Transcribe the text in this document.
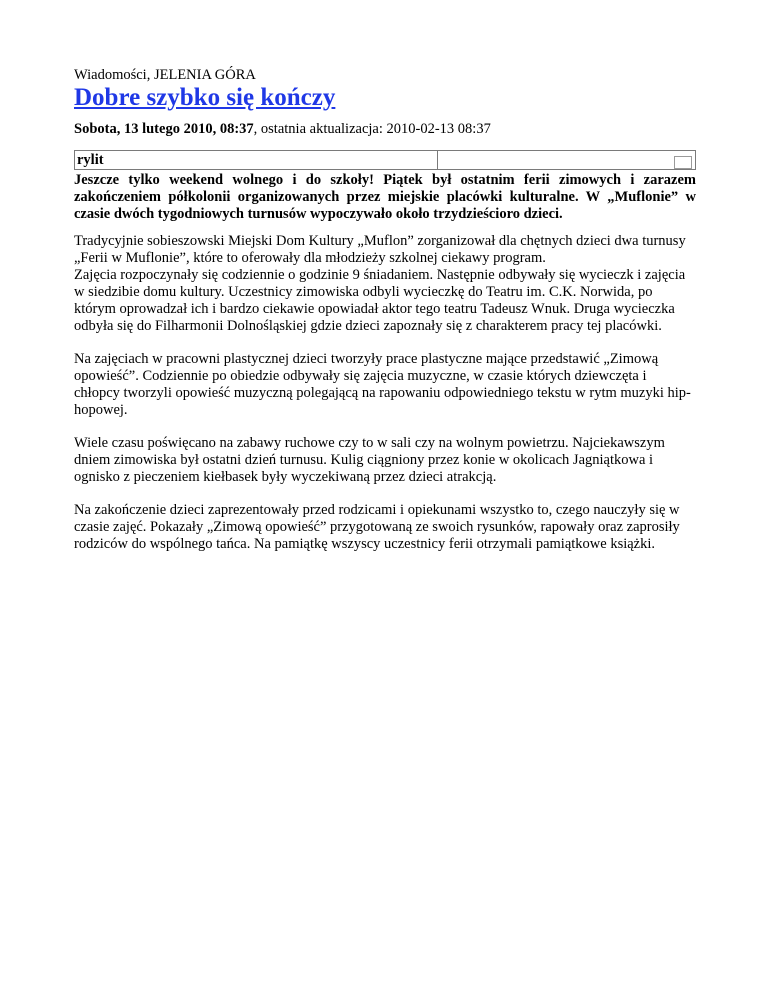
Wiadomości, JELENIA GÓRA

Dobre szybko się kończy

Sobota, 13 lutego 2010, 08:37, ostatnia aktualizacja: 2010-02-13 08:37

rylit	

Jeszcze tylko weekend wolnego i do szkoły! Piątek był ostatnim ferii zimowych i zarazem zakończeniem półkolonii organizowanych przez miejskie placówki kulturalne. W „Muflonie” w czasie dwóch tygodniowych turnusów wypoczywało około trzydzieścioro dzieci.

Tradycyjnie sobieszowski Miejski Dom Kultury „Muflon” zorganizował dla chętnych dzieci dwa turnusy „Ferii w Muflonie”, które to oferowały dla młodzieży szkolnej ciekawy program.
Zajęcia rozpoczynały się codziennie o godzinie 9 śniadaniem. Następnie odbywały się wycieczk i zajęcia w siedzibie domu kultury. Uczestnicy zimowiska odbyli wycieczkę do Teatru im. C.K. Norwida, po którym oprowadzał ich i bardzo ciekawie opowiadał aktor tego teatru Tadeusz Wnuk. Druga wycieczka odbyła się do Filharmonii Dolnośląskiej gdzie dzieci zapoznały się z charakterem pracy tej placówki.
Na zajęciach w pracowni plastycznej dzieci tworzyły prace plastyczne mające przedstawić „Zimową opowieść”. Codziennie po obiedzie odbywały się zajęcia muzyczne, w czasie których dziewczęta i chłopcy tworzyli opowieść muzyczną polegającą na rapowaniu odpowiedniego tekstu w rytm muzyki hip-hopowej.
Wiele czasu poświęcano na zabawy ruchowe czy to w sali czy na wolnym powietrzu. Najciekawszym dniem zimowiska był ostatni dzień turnusu. Kulig ciągniony przez konie w okolicach Jagniątkowa i ognisko z pieczeniem kiełbasek były wyczekiwaną przez dzieci atrakcją.
Na zakończenie dzieci zaprezentowały przed rodzicami i opiekunami wszystko to, czego nauczyły się w czasie zajęć. Pokazały „Zimową opowieść” przygotowaną ze swoich rysunków, rapowały oraz zaprosiły rodziców do wspólnego tańca. Na pamiątkę wszyscy uczestnicy ferii otrzymali pamiątkowe książki.
